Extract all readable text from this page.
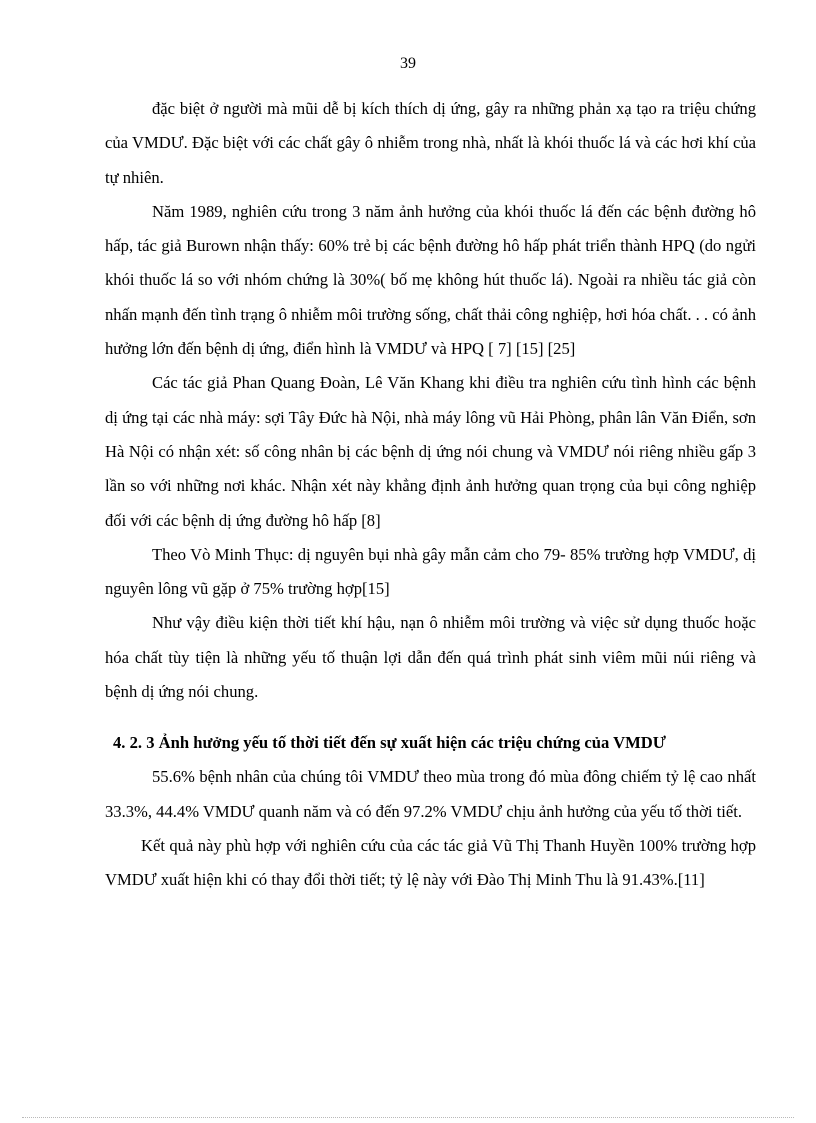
39

đặc biệt ở người mà mũi dễ bị kích thích dị ứng, gây ra những phản xạ tạo ra triệu chứng của VMDƯ. Đặc biệt với các chất gây ô nhiễm trong nhà, nhất là khói thuốc lá và các hơi khí của tự nhiên.

Năm 1989, nghiên cứu trong 3 năm ảnh hưởng của khói thuốc lá đến các bệnh đường hô hấp, tác giả Burown nhận thấy: 60% trẻ bị các bệnh đường hô hấp phát triển thành HPQ (do ngửi khói thuốc lá so với nhóm chứng là 30%( bố mẹ không hút thuốc lá). Ngoài ra nhiều tác giả còn nhấn mạnh đến tình trạng ô nhiễm môi trường sống, chất thải công nghiệp, hơi hóa chất. . . có ảnh hưởng lớn đến bệnh dị ứng, điển hình là VMDƯ và HPQ [ 7] [15] [25]

Các tác giả Phan Quang Đoàn, Lê Văn Khang khi điều tra nghiên cứu tình hình các bệnh dị ứng tại các nhà máy: sợi Tây Đức hà Nội, nhà máy lông vũ Hải Phòng, phân lân Văn Điển, sơn Hà Nội có nhận xét: số công nhân bị các bệnh dị ứng nói chung và VMDƯ nói riêng nhiều gấp 3 lần so với những nơi khác. Nhận xét này khẳng định ảnh hưởng quan trọng của bụi công nghiệp đối với các bệnh dị ứng đường hô hấp [8]

Theo Vò Minh Thục: dị nguyên bụi nhà gây mẫn cảm cho 79- 85% trường hợp VMDƯ, dị nguyên lông vũ gặp ở 75% trường hợp[15]

Như vậy điều kiện thời tiết khí hậu, nạn ô nhiễm môi trường và việc sử dụng thuốc hoặc hóa chất tùy tiện là những yếu tố thuận lợi dẫn đến quá trình phát sinh viêm mũi núi riêng và bệnh dị ứng nói chung.

4. 2. 3 Ảnh hưởng yếu tố thời tiết đến sự xuất hiện các triệu chứng của VMDƯ

55.6% bệnh nhân của chúng tôi VMDƯ theo mùa trong đó mùa đông chiếm tỷ lệ cao nhất 33.3%, 44.4% VMDƯ quanh năm và có đến 97.2% VMDƯ chịu ảnh hưởng của yếu tố thời tiết.

Kết quả này phù hợp với nghiên cứu của các tác giả Vũ Thị Thanh Huyền 100% trường hợp VMDƯ xuất hiện khi có thay đổi thời tiết; tỷ lệ này với Đào Thị Minh Thu là 91.43%.[11]
